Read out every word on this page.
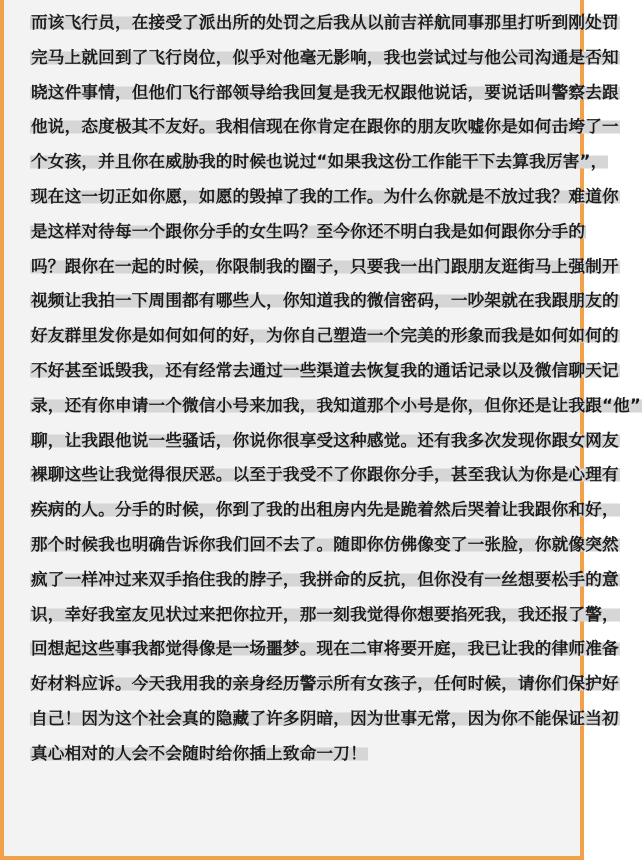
而该飞行员，在接受了派出所的处罚之后我从以前吉祥航同事那里打听到刚处罚
完马上就回到了飞行岗位，似乎对他毫无影响，我也尝试过与他公司沟通是否知
晓这件事情，但他们飞行部领导给我回复是我无权跟他说话，要说话叫警察去跟
他说，态度极其不友好。我相信现在你肯定在跟你的朋友吹嘘你是如何击垮了一
个女孩，并且你在威胁我的时候也说过“如果我这份工作能干下去算我厉害”，
现在这一切正如你愿，如愿的毁掉了我的工作。为什么你就是不放过我？难道你
是这样对待每一个跟你分手的女生吗？至今你还不明白我是如何跟你分手的
吗？跟你在一起的时候，你限制我的圈子，只要我一出门跟朋友逛街马上强制开
视频让我拍一下周围都有哪些人，你知道我的微信密码，一吵架就在我跟朋友的
好友群里发你是如何如何的好，为你自己塑造一个完美的形象而我是如何如何的
不好甚至诋毁我，还有经常去通过一些渠道去恢复我的通话记录以及微信聊天记
录，还有你申请一个微信小号来加我，我知道那个小号是你，但你还是让我跟“他”
聊，让我跟他说一些骚话，你说你很享受这种感觉。还有我多次发现你跟女网友
裸聊这些让我觉得很厌恶。以至于我受不了你跟你分手，甚至我认为你是心理有
疾病的人。分手的时候，你到了我的出租房内先是跪着然后哭着让我跟你和好，
那个时候我也明确告诉你我们回不去了。随即你仿佛像变了一张脸，你就像突然
疯了一样冲过来双手掐住我的脖子，我拼命的反抗，但你没有一丝想要松手的意
识，幸好我室友见状过来把你拉开，那一刻我觉得你想要掐死我，我还报了警，
回想起这些事我都觉得像是一场噩梦。现在二审将要开庭，我已让我的律师准备
好材料应诉。今天我用我的亲身经历警示所有女孩子，任何时候，请你们保护好
自己！因为这个社会真的隐藏了许多阴暗，因为世事无常，因为你不能保证当初
真心相对的人会不会随时给你插上致命一刀！
